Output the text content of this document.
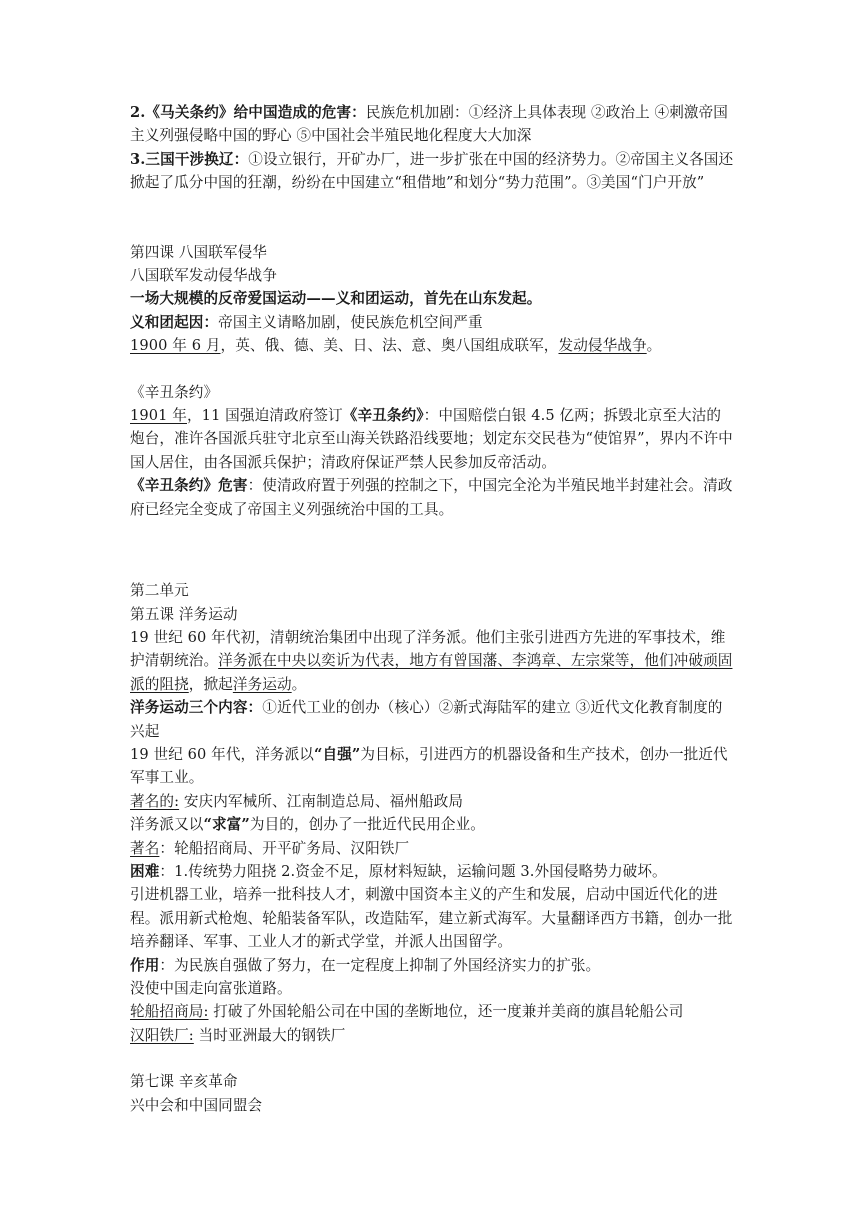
2.《马关条约》给中国造成的危害：民族危机加剧：①经济上具体表现 ②政治上 ④刺激帝国主义列强侵略中国的野心 ⑤中国社会半殖民地化程度大大加深

3.三国干涉换辽：①设立银行，开矿办厂，进一步扩张在中国的经济势力。②帝国主义各国还掀起了瓜分中国的狂潮，纷纷在中国建立“租借地”和划分“势力范围”。③美国“门户开放”

第四课 八国联军侵华

八国联军发动侵华战争

一场大规模的反帝爱国运动——义和团运动，首先在山东发起。

义和团起因：帝国主义请略加剧，使民族危机空间严重

1900 年 6 月，英、俄、德、美、日、法、意、奥八国组成联军，发动侵华战争。

《辛丑条约》

1901 年，11 国强迫清政府签订《辛丑条约》：中国赔偿白银 4.5 亿两；拆毁北京至大沽的炮台，准许各国派兵驻守北京至山海关铁路沿线要地；划定东交民巷为“使馆界”，界内不许中国人居住，由各国派兵保护；清政府保证严禁人民参加反帝活动。

《辛丑条约》危害：使清政府置于列强的控制之下，中国完全沦为半殖民地半封建社会。清政府已经完全变成了帝国主义列强统治中国的工具。

第二单元

第五课 洋务运动

19 世纪 60 年代初，清朝统治集团中出现了洋务派。他们主张引进西方先进的军事技术，维护清朝统治。洋务派在中央以奕䜣为代表，地方有曾国藩、李鸿章、左宗棠等，他们冲破顽固派的阻挠，掀起洋务运动。

洋务运动三个内容：①近代工业的创办（核心）②新式海陆军的建立 ③近代文化教育制度的兴起

19 世纪 60 年代，洋务派以“自强”为目标，引进西方的机器设备和生产技术，创办一批近代军事工业。

著名的: 安庆内军械所、江南制造总局、福州船政局

洋务派又以“求富”为目的，创办了一批近代民用企业。

著名：轮船招商局、开平矿务局、汉阳铁厂

困难：1.传统势力阻挠 2.资金不足，原材料短缺，运输问题 3.外国侵略势力破坏。

引进机器工业，培养一批科技人才，刺激中国资本主义的产生和发展，启动中国近代化的进程。派用新式枪炮、轮船装备军队，改造陆军，建立新式海军。大量翻译西方书籍，创办一批培养翻译、军事、工业人才的新式学堂，并派人出国留学。

作用：为民族自强做了努力，在一定程度上抑制了外国经济实力的扩张。

没使中国走向富张道路。

轮船招商局: 打破了外国轮船公司在中国的垄断地位，还一度兼并美商的旗昌轮船公司

汉阳铁厂: 当时亚洲最大的钢铁厂

第七课 辛亥革命

兴中会和中国同盟会
